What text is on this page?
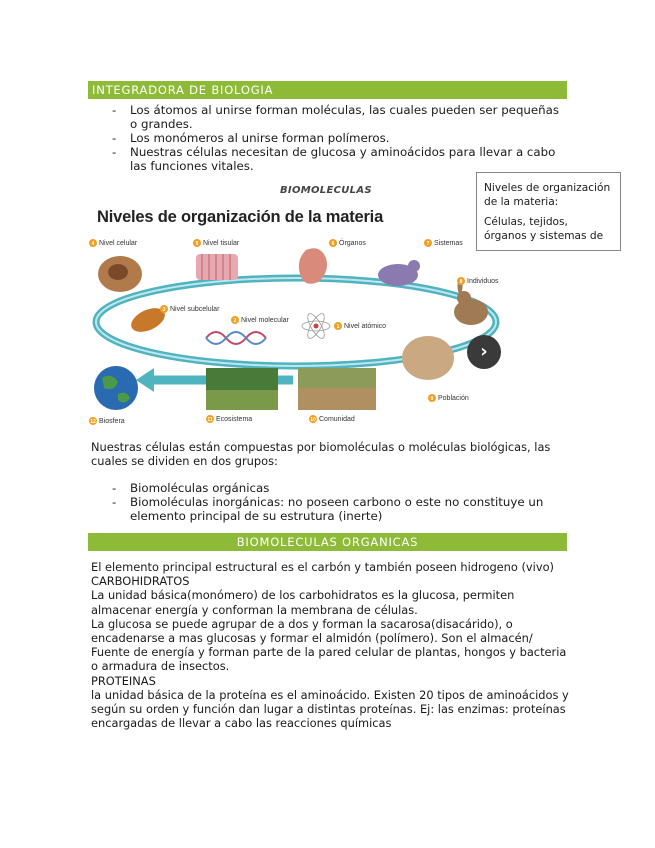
INTEGRADORA DE BIOLOGIA
- Los átomos al unirse forman moléculas, las cuales pueden ser pequeñas o grandes.
- Los monómeros al unirse forman polímeros.
- Nuestras células necesitan de glucosa y aminoácidos para llevar a cabo las funciones vitales.
BIOMOLECULAS
Niveles de organización de la materia
4	5	6	7
8
3
2
1
9
10
11
12
Nivel celular	Nivel tisular	Órganos	Sistemas
Individuos
Nivel subcelular
Nivel molecular
Nivel atómico
Población
Comunidad
Ecosistema
Biosfera
›

Niveles de organización de la materia:

Células, tejidos, órganos y sistemas de

Nuestras células están compuestas por biomoléculas o moléculas biológicas, las cuales se dividen en dos grupos:

- Biomoléculas orgánicas
- Biomoléculas inorgánicas: no poseen carbono o este no constituye un elemento principal de su estrutura (inerte)
BIOMOLECULAS ORGANICAS

El elemento principal estructural es el carbón y también poseen hidrogeno (vivo)

CARBOHIDRATOS

La unidad básica(monómero) de los carbohidratos es la glucosa, permiten almacenar energía y conforman la membrana de células.

La glucosa se puede agrupar de a dos y forman la sacarosa(disacárido), o encadenarse a mas glucosas y formar el almidón (polímero). Son el almacén/ Fuente de energía y forman parte de la pared celular de plantas, hongos y bacteria o armadura de insectos.

PROTEINAS

la unidad básica de la proteína es el aminoácido. Existen 20 tipos de aminoácidos y según su orden y función dan lugar a distintas proteínas. Ej: las enzimas: proteínas encargadas de llevar a cabo las reacciones químicas
